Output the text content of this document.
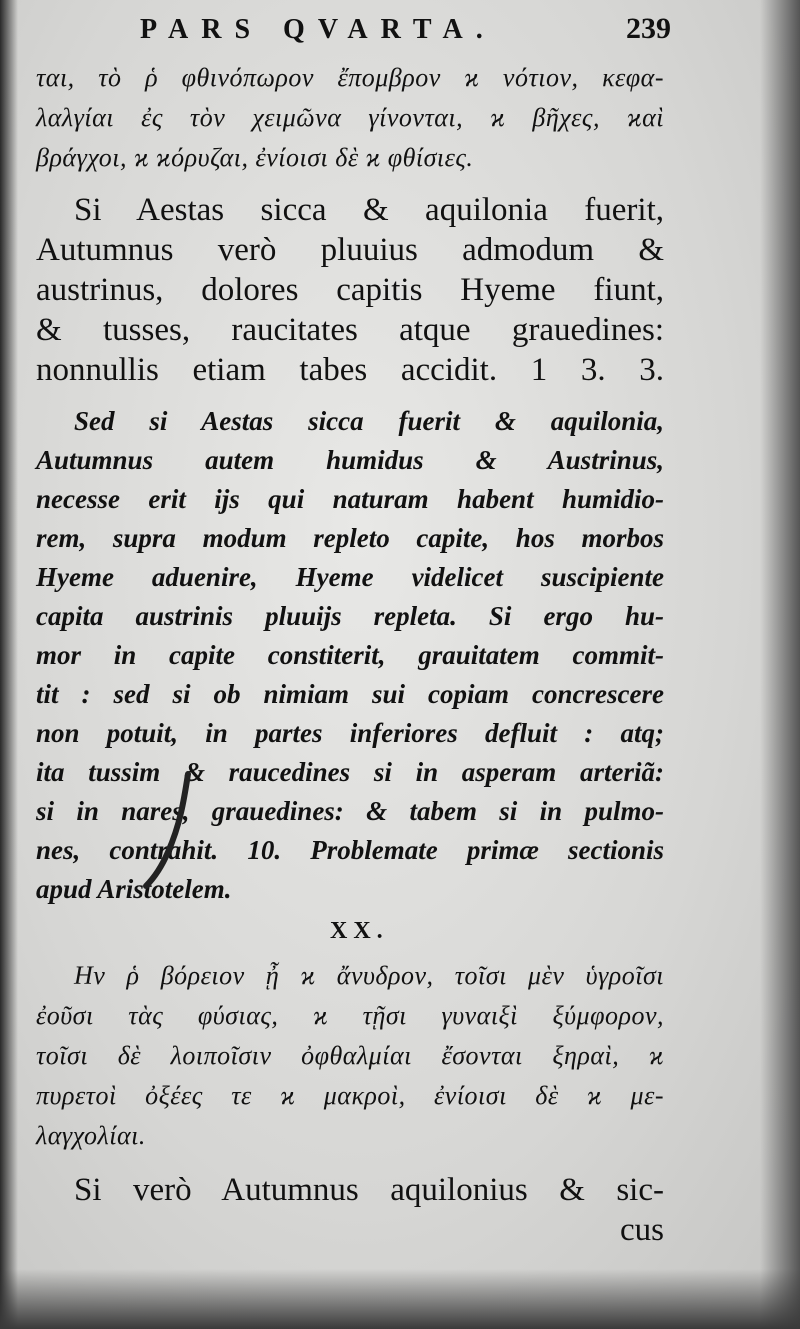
PARS QVARTA.	239
ται, τὸ ῥ φθινόπωρον ἔπομβρον ϰ νότιον, κεφα-
λαλγίαι ἐς τὸν χειμῶνα γίνονται, ϰ βῆχες, ϰαὶ
βράγχοι, ϰ ϰόρυζαι, ἐνίοισι δὲ ϰ φθίσιες.
Si Aestas sicca & aquilonia fuerit,
Autumnus verò pluuius admodum &
austrinus, dolores capitis Hyeme fiunt,
& tusses, raucitates atque grauedines:
nonnullis etiam tabes accidit. 1 3. 3.
Sed si Aestas sicca fuerit & aquilonia,
Autumnus autem humidus & Austrinus,
necesse erit ijs qui naturam habent humidio-
rem, supra modum repleto capite, hos morbos
Hyeme aduenire, Hyeme videlicet suscipiente
capita austrinis pluuijs repleta. Si ergo hu-
mor in capite constiterit, grauitatem commit-
tit : sed si ob nimiam sui copiam concrescere
non potuit, in partes inferiores defluit : atq;
ita tussim & raucedines si in asperam arteriã:
si in nares, grauedines: & tabem si in pulmo-
nes, contrahit. 10. Problemate primæ sectionis
apud Aristotelem.
XX.
Ην ῥ βόρειον ᾖ ϰ ἄνυδρον, τοῖσι μὲν ὑγροῖσι
ἐοῦσι τὰς φύσιας, ϰ τῇσι γυναιξὶ ξύμφορον,
τοῖσι δὲ λοιποῖσιν ὀφθαλμίαι ἔσονται ξηραὶ, ϰ
πυρετοὶ ὀξέες τε ϰ μακροὶ, ἐνίοισι δὲ ϰ με-
λαγχολίαι.
Si verò Autumnus aquilonius & sic-
cus
